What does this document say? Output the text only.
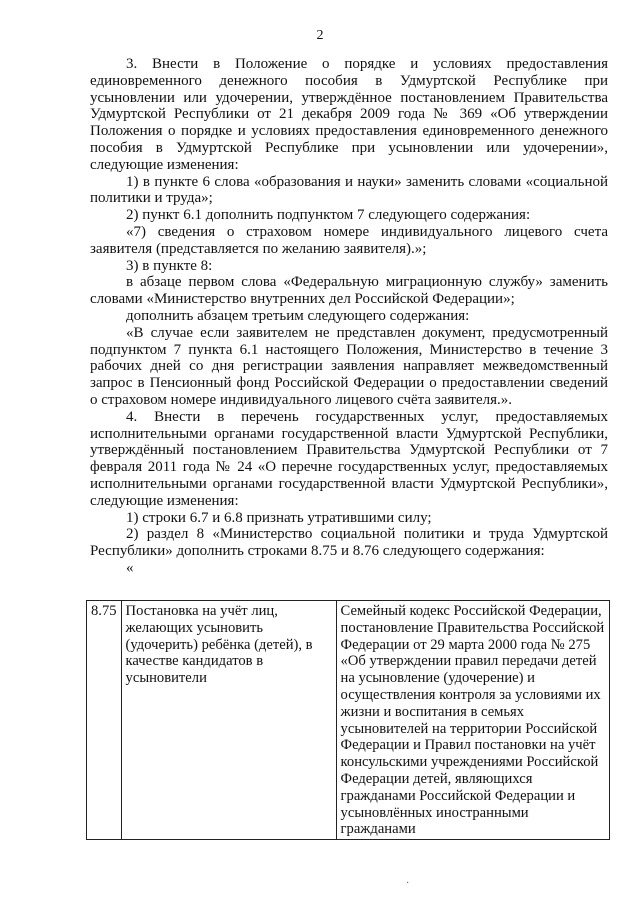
2

3. Внести в Положение о порядке и условиях предоставления единовременного денежного пособия в Удмуртской Республике при усыновлении или удочерении, утверждённое постановлением Правительства Удмуртской Республики от 21 декабря 2009 года № 369 «Об утверждении Положения о порядке и условиях предоставления единовременного денежного пособия в Удмуртской Республике при усыновлении или удочерении», следующие изменения:

1) в пункте 6 слова «образования и науки» заменить словами «социальной политики и труда»;

2) пункт 6.1 дополнить подпунктом 7 следующего содержания:

«7) сведения о страховом номере индивидуального лицевого счета заявителя (представляется по желанию заявителя).»;

3) в пункте 8:

в абзаце первом слова «Федеральную миграционную службу» заменить словами «Министерство внутренних дел Российской Федерации»;

дополнить абзацем третьим следующего содержания:

«В случае если заявителем не представлен документ, предусмотренный подпунктом 7 пункта 6.1 настоящего Положения, Министерство в течение 3 рабочих дней со дня регистрации заявления направляет межведомственный запрос в Пенсионный фонд Российской Федерации о предоставлении сведений о страховом номере индивидуального лицевого счёта заявителя.».

4. Внести в перечень государственных услуг, предоставляемых исполнительными органами государственной власти Удмуртской Республики, утверждённый постановлением Правительства Удмуртской Республики от 7 февраля 2011 года № 24 «О перечне государственных услуг, предоставляемых исполнительными органами государственной власти Удмуртской Республики», следующие изменения:

1) строки 6.7 и 6.8 признать утратившими силу;

2) раздел 8 «Министерство социальной политики и труда Удмуртской Республики» дополнить строками 8.75 и 8.76 следующего содержания:

«

8.75	Постановка на учёт лиц, желающих усыновить (удочерить) ребёнка (детей), в качестве кандидатов в усыновители	Семейный кодекс Российской Федерации, постановление Правительства Российской Федерации от 29 марта 2000 года № 275 «Об утверждении правил передачи детей на усыновление (удочерение) и осуществления контроля за условиями их жизни и воспитания в семьях усыновителей на территории Российской Федерации и Правил постановки на учёт консульскими учреждениями Российской Федерации детей, являющихся гражданами Российской Федерации и усыновлённых иностранными гражданами
·
